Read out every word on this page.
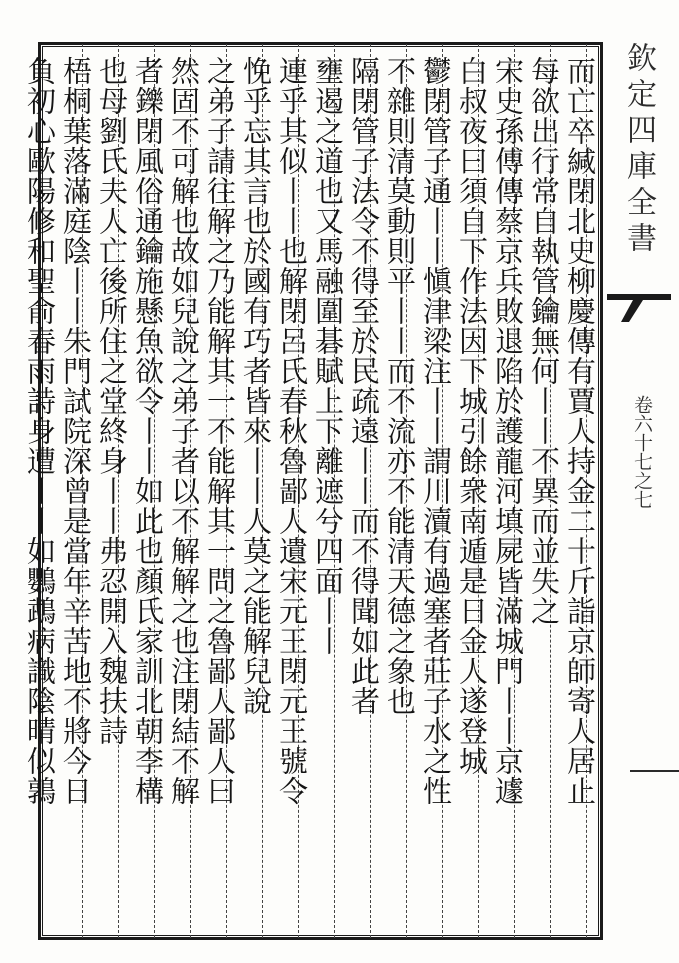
而亡卒緘閉北史柳慶傳有賈人持金二十斤詣京師寄人居止
每欲出行常自執管鑰無何丨丨不異而並失之
宋史孫傅傳蔡京兵敗退陷於護龍河填屍皆滿城門丨丨京遽
白叔夜曰須自下作法因下城引餘衆南遁是日金人遂登城
鬱閉管子通丨丨愼津梁注丨丨謂川瀆有過塞者莊子水之性
不雜則清莫動則平丨丨而不流亦不能清天德之象也
隔閉管子法令不得至於民疏遠丨丨而不得聞如此者
壅遏之道也又馬融圍碁賦上下離遮兮四面丨丨
連乎其似丨丨也解閉呂氏春秋魯鄙人遺宋元王閉元王號令
悗乎忘其言也於國有巧者皆來丨丨人莫之能解兒說
之弟子請往解之乃能解其一不能解其一問之魯鄙人鄙人曰
然固不可解也故如兒說之弟子者以不解解之也注閉結不解
者鑠閉風俗通鑰施懸魚欲令丨丨如此也顏氏家訓北朝李構
也母劉氏夫人亡後所住之堂終身丨丨弗忍開入魏扶詩
梧桐葉落滿庭陰丨丨朱門試院深曾是當年辛苦地不將今日
負初心歐陽修和聖俞春雨詩身遭丨丨如鸚鵡病識陰晴似鶉	欽定四庫全書
卷六十七之七
